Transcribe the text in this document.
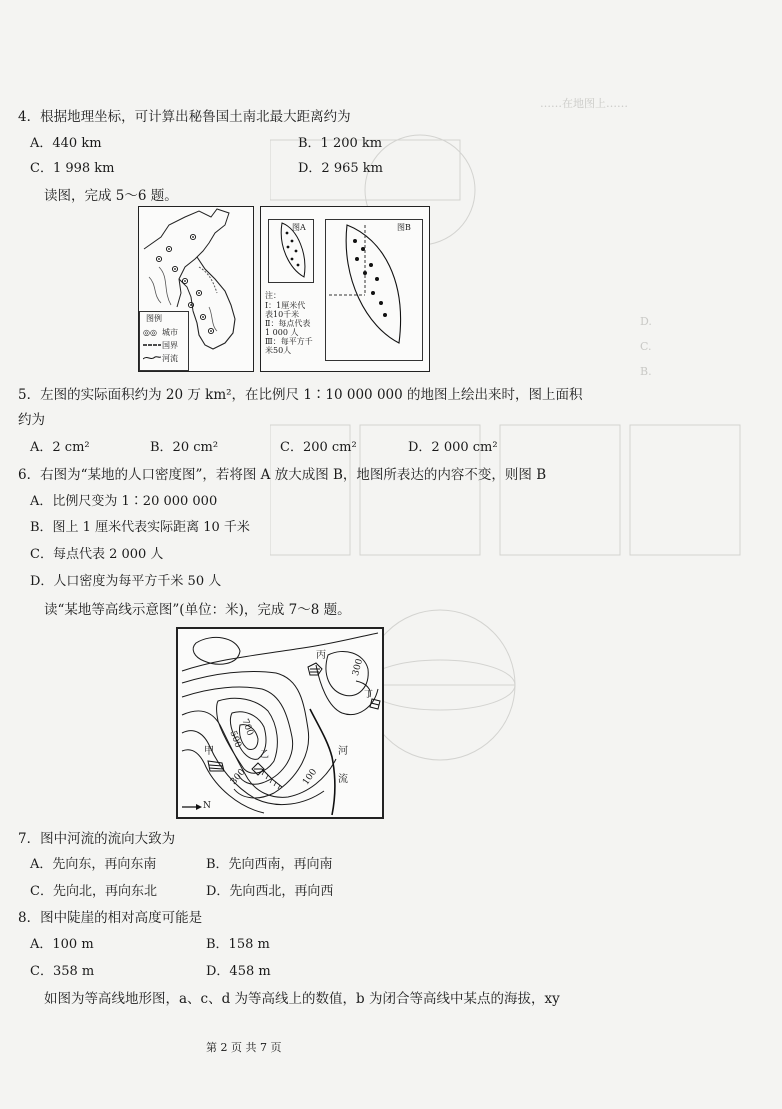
……在地图上……
D.
C.
B.
4．根据地理坐标，可计算出秘鲁国土南北最大距离约为
A．440 km	B．1 200 km
C．1 998 km	D．2 965 km
读图，完成 5～6 题。
图例
◎◎ 城市
国界
河流
图A	图B
注：
Ⅰ：1厘米代
表10千米
Ⅱ：每点代表
1 000 人
Ⅲ：每平方千
米50人
5．左图的实际面积约为 20 万 km²，在比例尺 1∶10 000 000 的地图上绘出来时，图上面积
约为
A．2 cm²	B．20 cm²	C．200 cm²	D．2 000 cm²
6．右图为“某地的人口密度图”，若将图 A 放大成图 B，地图所表达的内容不变，则图 B
A．比例尺变为 1∶20 000 000
B．图上 1 厘米代表实际距离 10 千米
C．每点代表 2 000 人
D．人口密度为每平方千米 50 人
读“某地等高线示意图”(单位：米)，完成 7～8 题。
丙
甲	乙
丁
河
流
300
700
500
300	100
N
7．图中河流的流向大致为
A．先向东，再向东南	B．先向西南，再向南
C．先向北，再向东北	D．先向西北，再向西
8．图中陡崖的相对高度可能是
A．100 m	B．158 m
C．358 m	D．458 m
如图为等高线地形图，a、c、d 为等高线上的数值，b 为闭合等高线中某点的海拔，xy
第 2 页 共 7 页
